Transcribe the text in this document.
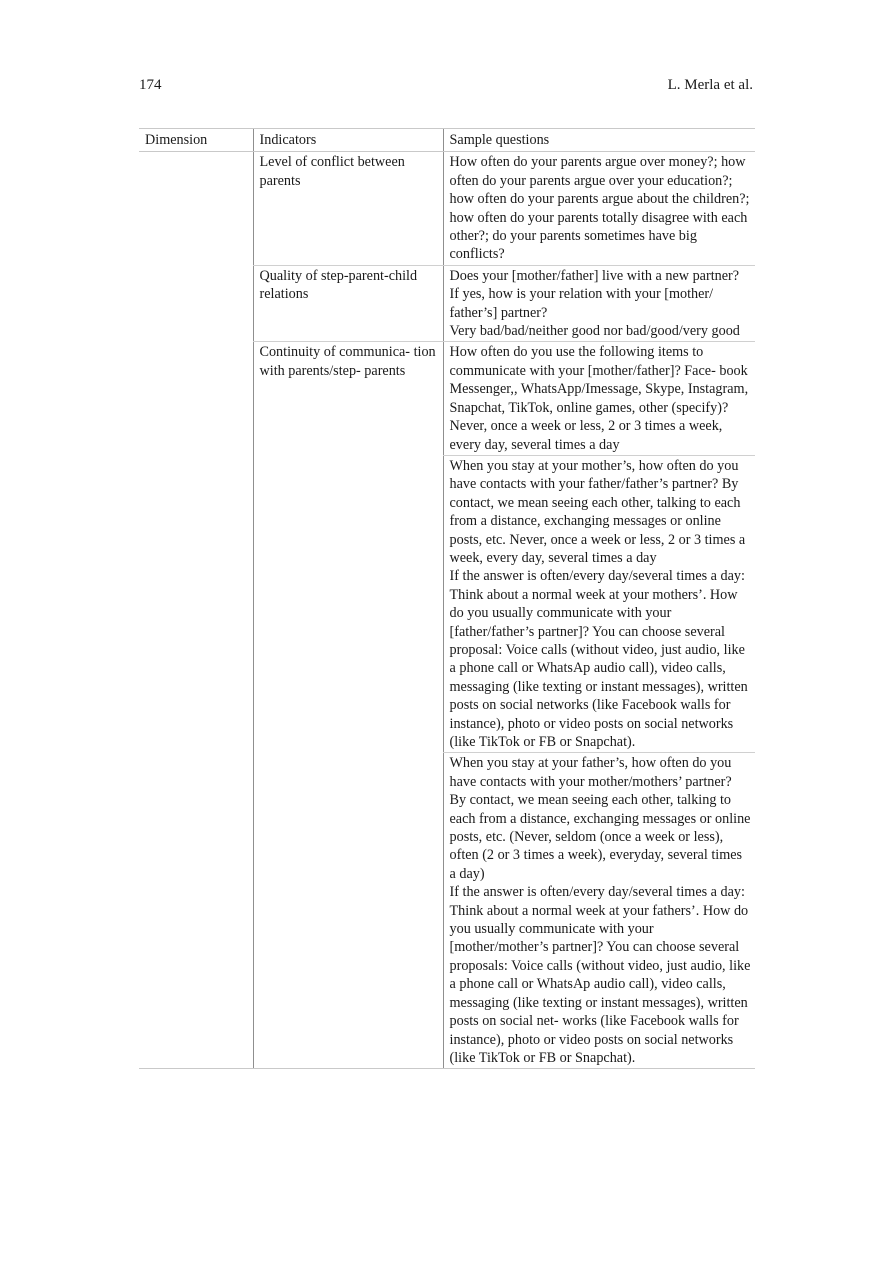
174	L. Merla et al.
Dimension	Indicators	Sample questions
	Level of conflict between parents	How often do your parents argue over money?; how often do your parents argue over your education?; how often do your parents argue about the children?; how often do your parents totally disagree with each other?; do your parents sometimes have big conflicts?

	Quality of step-parent-child relations	Does your [mother/father] live with a new partner?
If yes, how is your relation with your [mother/ father’s] partner?
Very bad/bad/neither good nor bad/good/very good

	Continuity of communica- tion with parents/step- parents	How often do you use the following items to communicate with your [mother/father]? Face- book Messenger,, WhatsApp/Imessage, Skype, Instagram, Snapchat, TikTok, online games, other (specify)? Never, once a week or less, 2 or 3 times a week, every day, several times a day

		When you stay at your mother’s, how often do you have contacts with your father/father’s partner? By contact, we mean seeing each other, talking to each from a distance, exchanging messages or online posts, etc. Never, once a week or less, 2 or 3 times a week, every day, several times a day
If the answer is often/every day/several times a day: Think about a normal week at your mothers’. How do you usually communicate with your [father/father’s partner]? You can choose several proposal: Voice calls (without video, just audio, like a phone call or WhatsAp audio call), video calls, messaging (like texting or instant messages), written posts on social networks (like Facebook walls for instance), photo or video posts on social networks (like TikTok or FB or Snapchat).

		When you stay at your father’s, how often do you have contacts with your mother/mothers’ partner? By contact, we mean seeing each other, talking to each from a distance, exchanging messages or online posts, etc. (Never, seldom (once a week or less), often (2 or 3 times a week), everyday, several times a day)
If the answer is often/every day/several times a day: Think about a normal week at your fathers’. How do you usually communicate with your [mother/mother’s partner]? You can choose several proposals: Voice calls (without video, just audio, like a phone call or WhatsAp audio call), video calls, messaging (like texting or instant messages), written posts on social net- works (like Facebook walls for instance), photo or video posts on social networks (like TikTok or FB or Snapchat).
